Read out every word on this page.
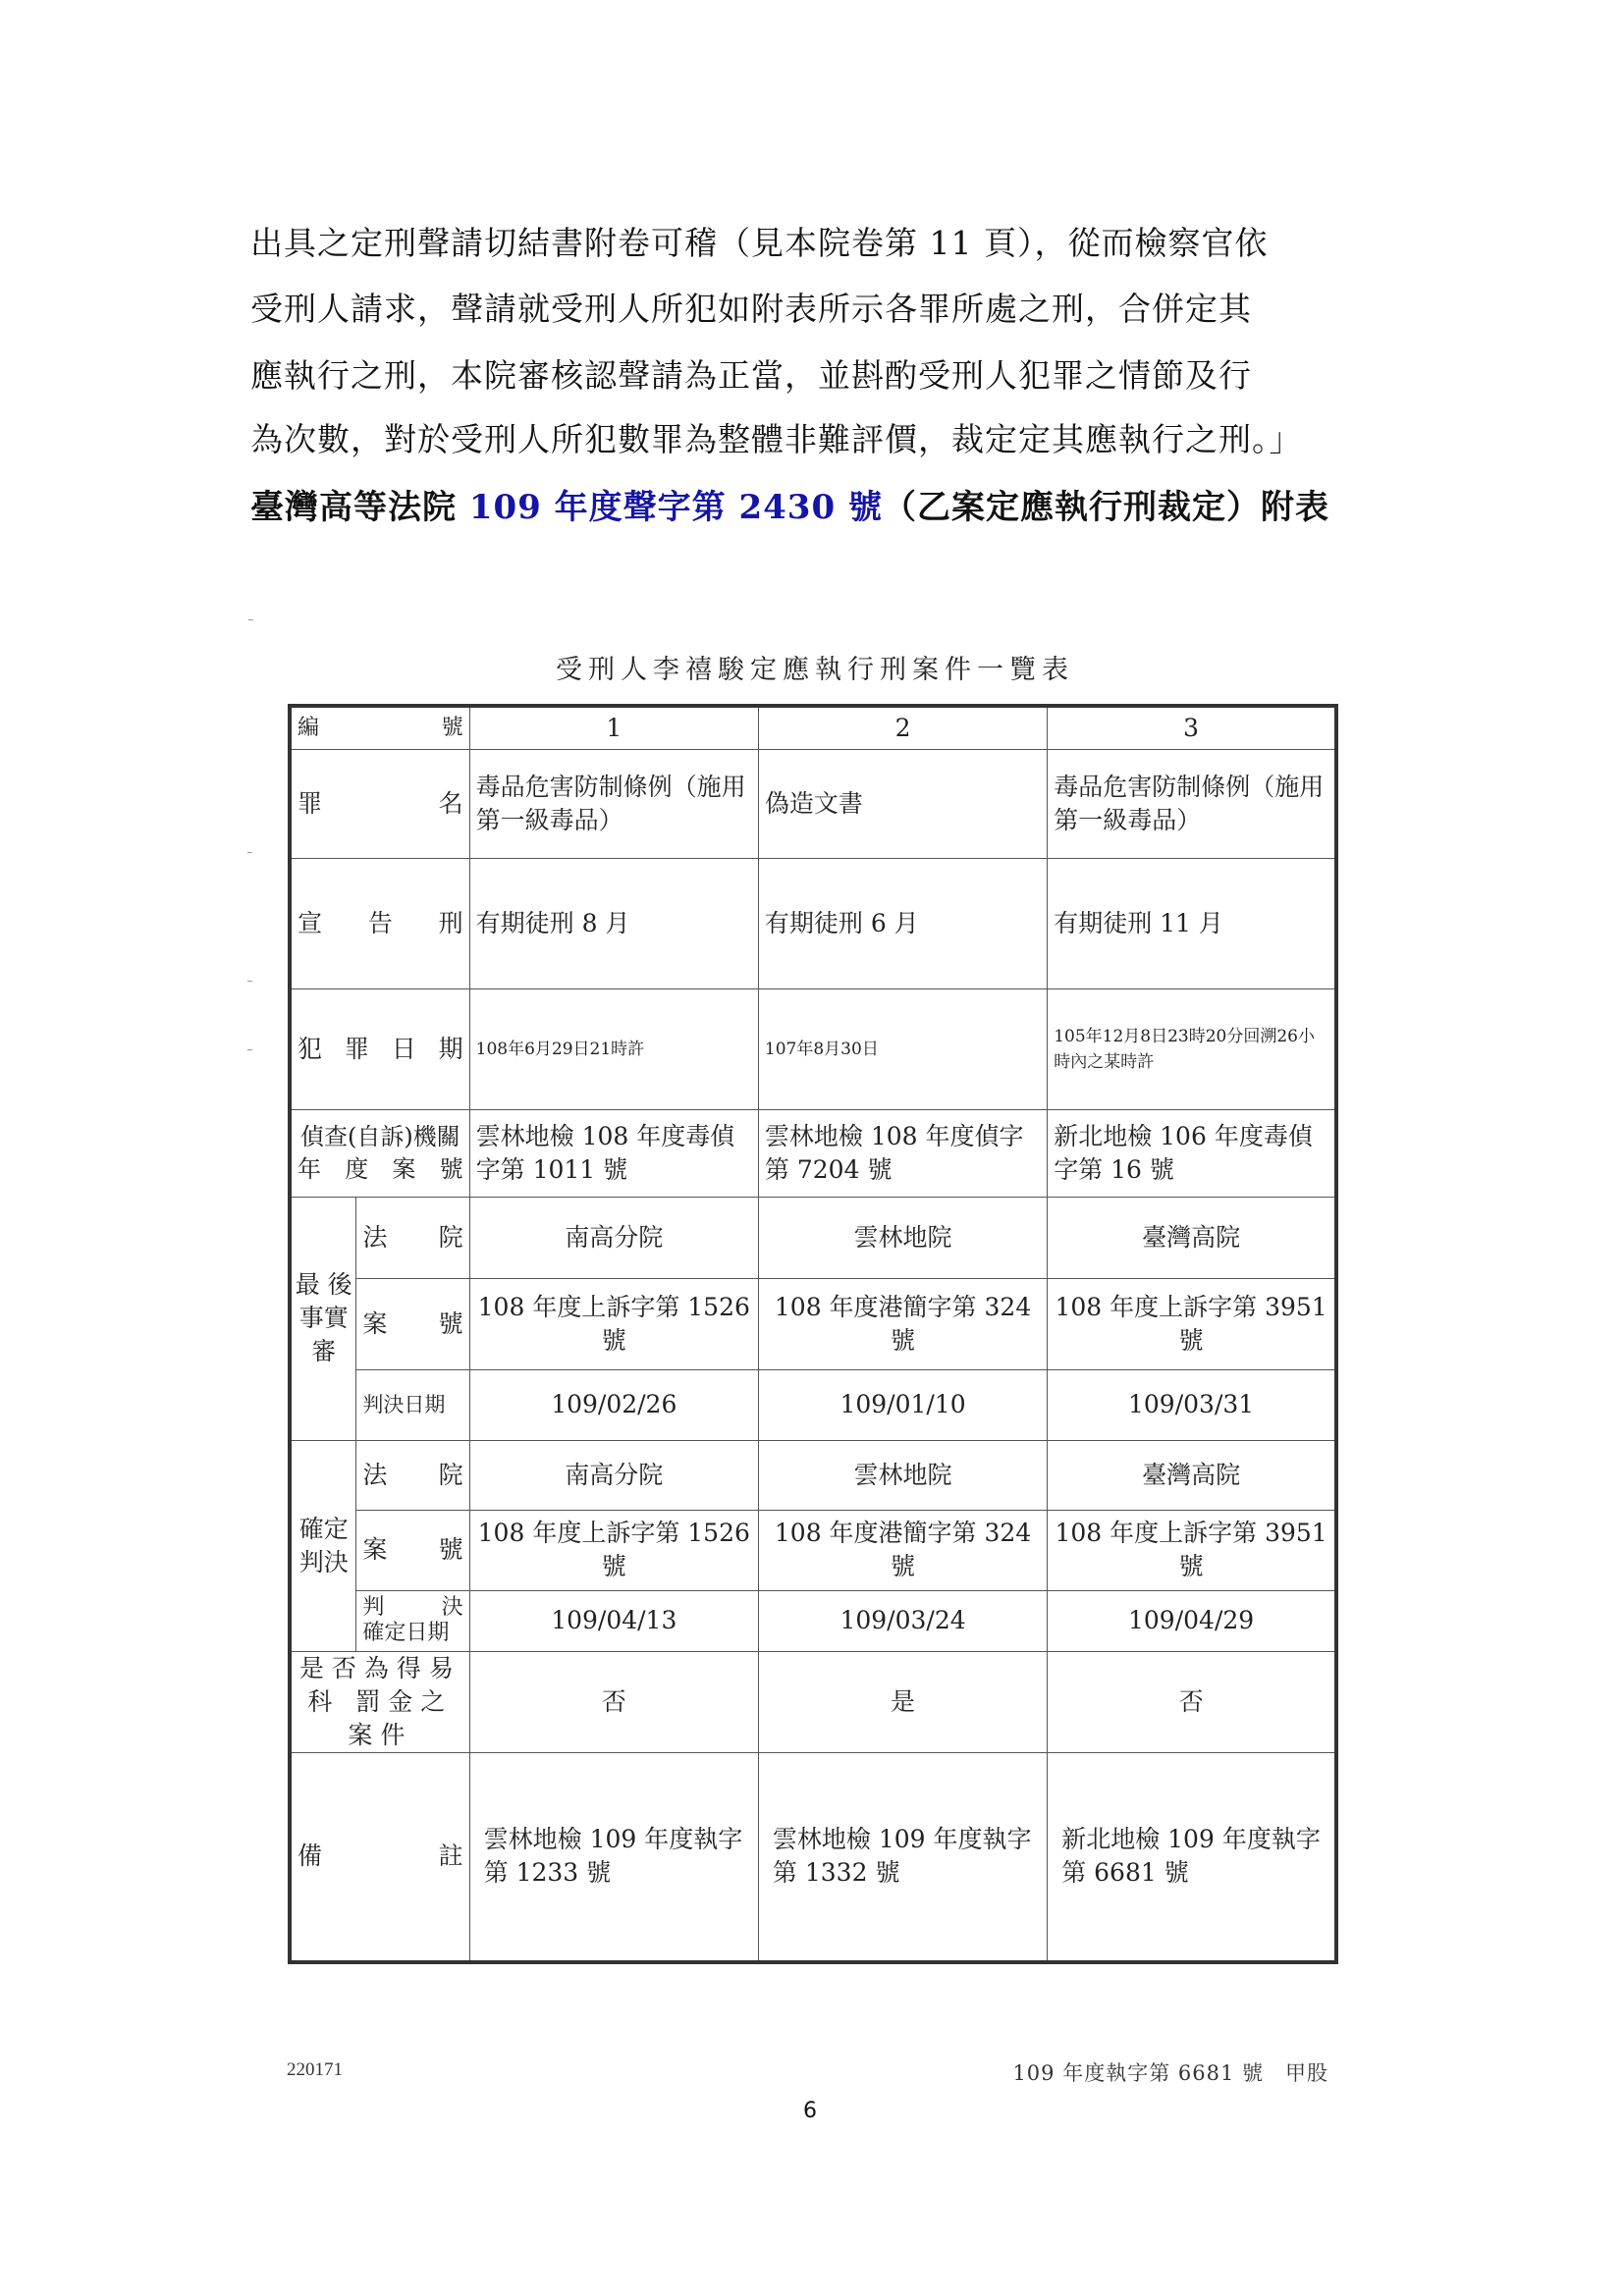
出具之定刑聲請切結書附卷可稽（見本院卷第 11 頁），從而檢察官依
受刑人請求，聲請就受刑人所犯如附表所示各罪所處之刑，合併定其
應執行之刑，本院審核認聲請為正當，並斟酌受刑人犯罪之情節及行
為次數，對於受刑人所犯數罪為整體非難評價，裁定定其應執行之刑。」
臺灣高等法院 109 年度聲字第 2430 號（乙案定應執行刑裁定）附表
受刑人李禧駿定應執行刑案件一覽表
編 號		1	2	3

罪 名		毒品危害防制條例（施用第一級毒品）	偽造文書	毒品危害防制條例（施用第一級毒品）

宣 告 刑		有期徒刑 8 月	有期徒刑 6 月	有期徒刑 11 月

犯 罪 日 期		108年6月29日21時許	107年8月30日	105年12月8日23時20分回溯26小時內之某時許

偵查(自訴)機關
年 度 案 號		雲林地檢 108 年度毒偵字第 1011 號	雲林地檢 108 年度偵字第 7204 號	新北地檢 106 年度毒偵字第 16 號
最 後 事實審	法 院	南高分院	雲林地院	臺灣高院

	案 號	108 年度上訴字第 1526 號	108 年度港簡字第 324 號	108 年度上訴字第 3951 號
	判決日期	109/02/26	109/01/10	109/03/31
確定 判決	法 院	南高分院	雲林地院	臺灣高院

	案 號	108 年度上訴字第 1526 號	108 年度港簡字第 324 號	108 年度上訴字第 3951 號

	判 決
確定日期	109/04/13	109/03/24	109/04/29
是否為得易科 罰金之案件		否	是	否

備 註		雲林地檢 109 年度執字第 1233 號	雲林地檢 109 年度執字第 1332 號	新北地檢 109 年度執字第 6681 號
220171	109 年度執字第 6681 號　甲股
6
